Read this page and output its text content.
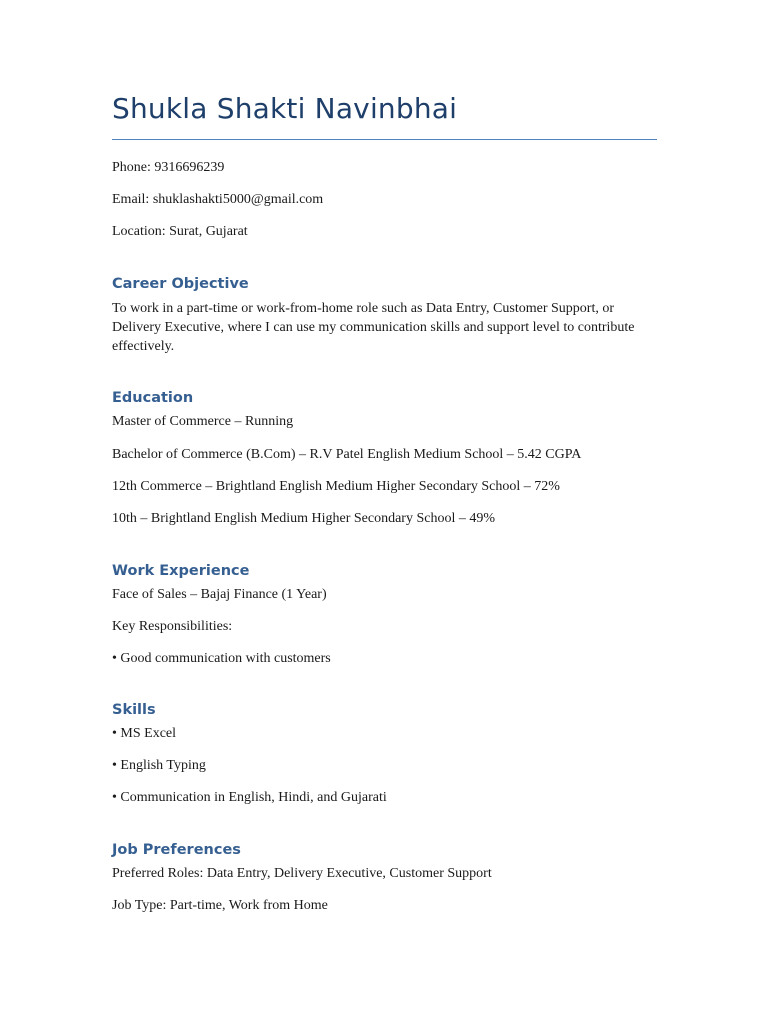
Shukla Shakti Navinbhai

Phone: 9316696239

Email: shuklashakti5000@gmail.com

Location: Surat, Gujarat

Career Objective

To work in a part-time or work-from-home role such as Data Entry, Customer Support, or Delivery Executive, where I can use my communication skills and support level to contribute effectively.

Education

Master of Commerce – Running

Bachelor of Commerce (B.Com) – R.V Patel English Medium School – 5.42 CGPA

12th Commerce – Brightland English Medium Higher Secondary School – 72%

10th – Brightland English Medium Higher Secondary School – 49%

Work Experience

Face of Sales – Bajaj Finance (1 Year)

Key Responsibilities:

• Good communication with customers

Skills

• MS Excel

• English Typing

• Communication in English, Hindi, and Gujarati

Job Preferences

Preferred Roles: Data Entry, Delivery Executive, Customer Support

Job Type: Part-time, Work from Home
